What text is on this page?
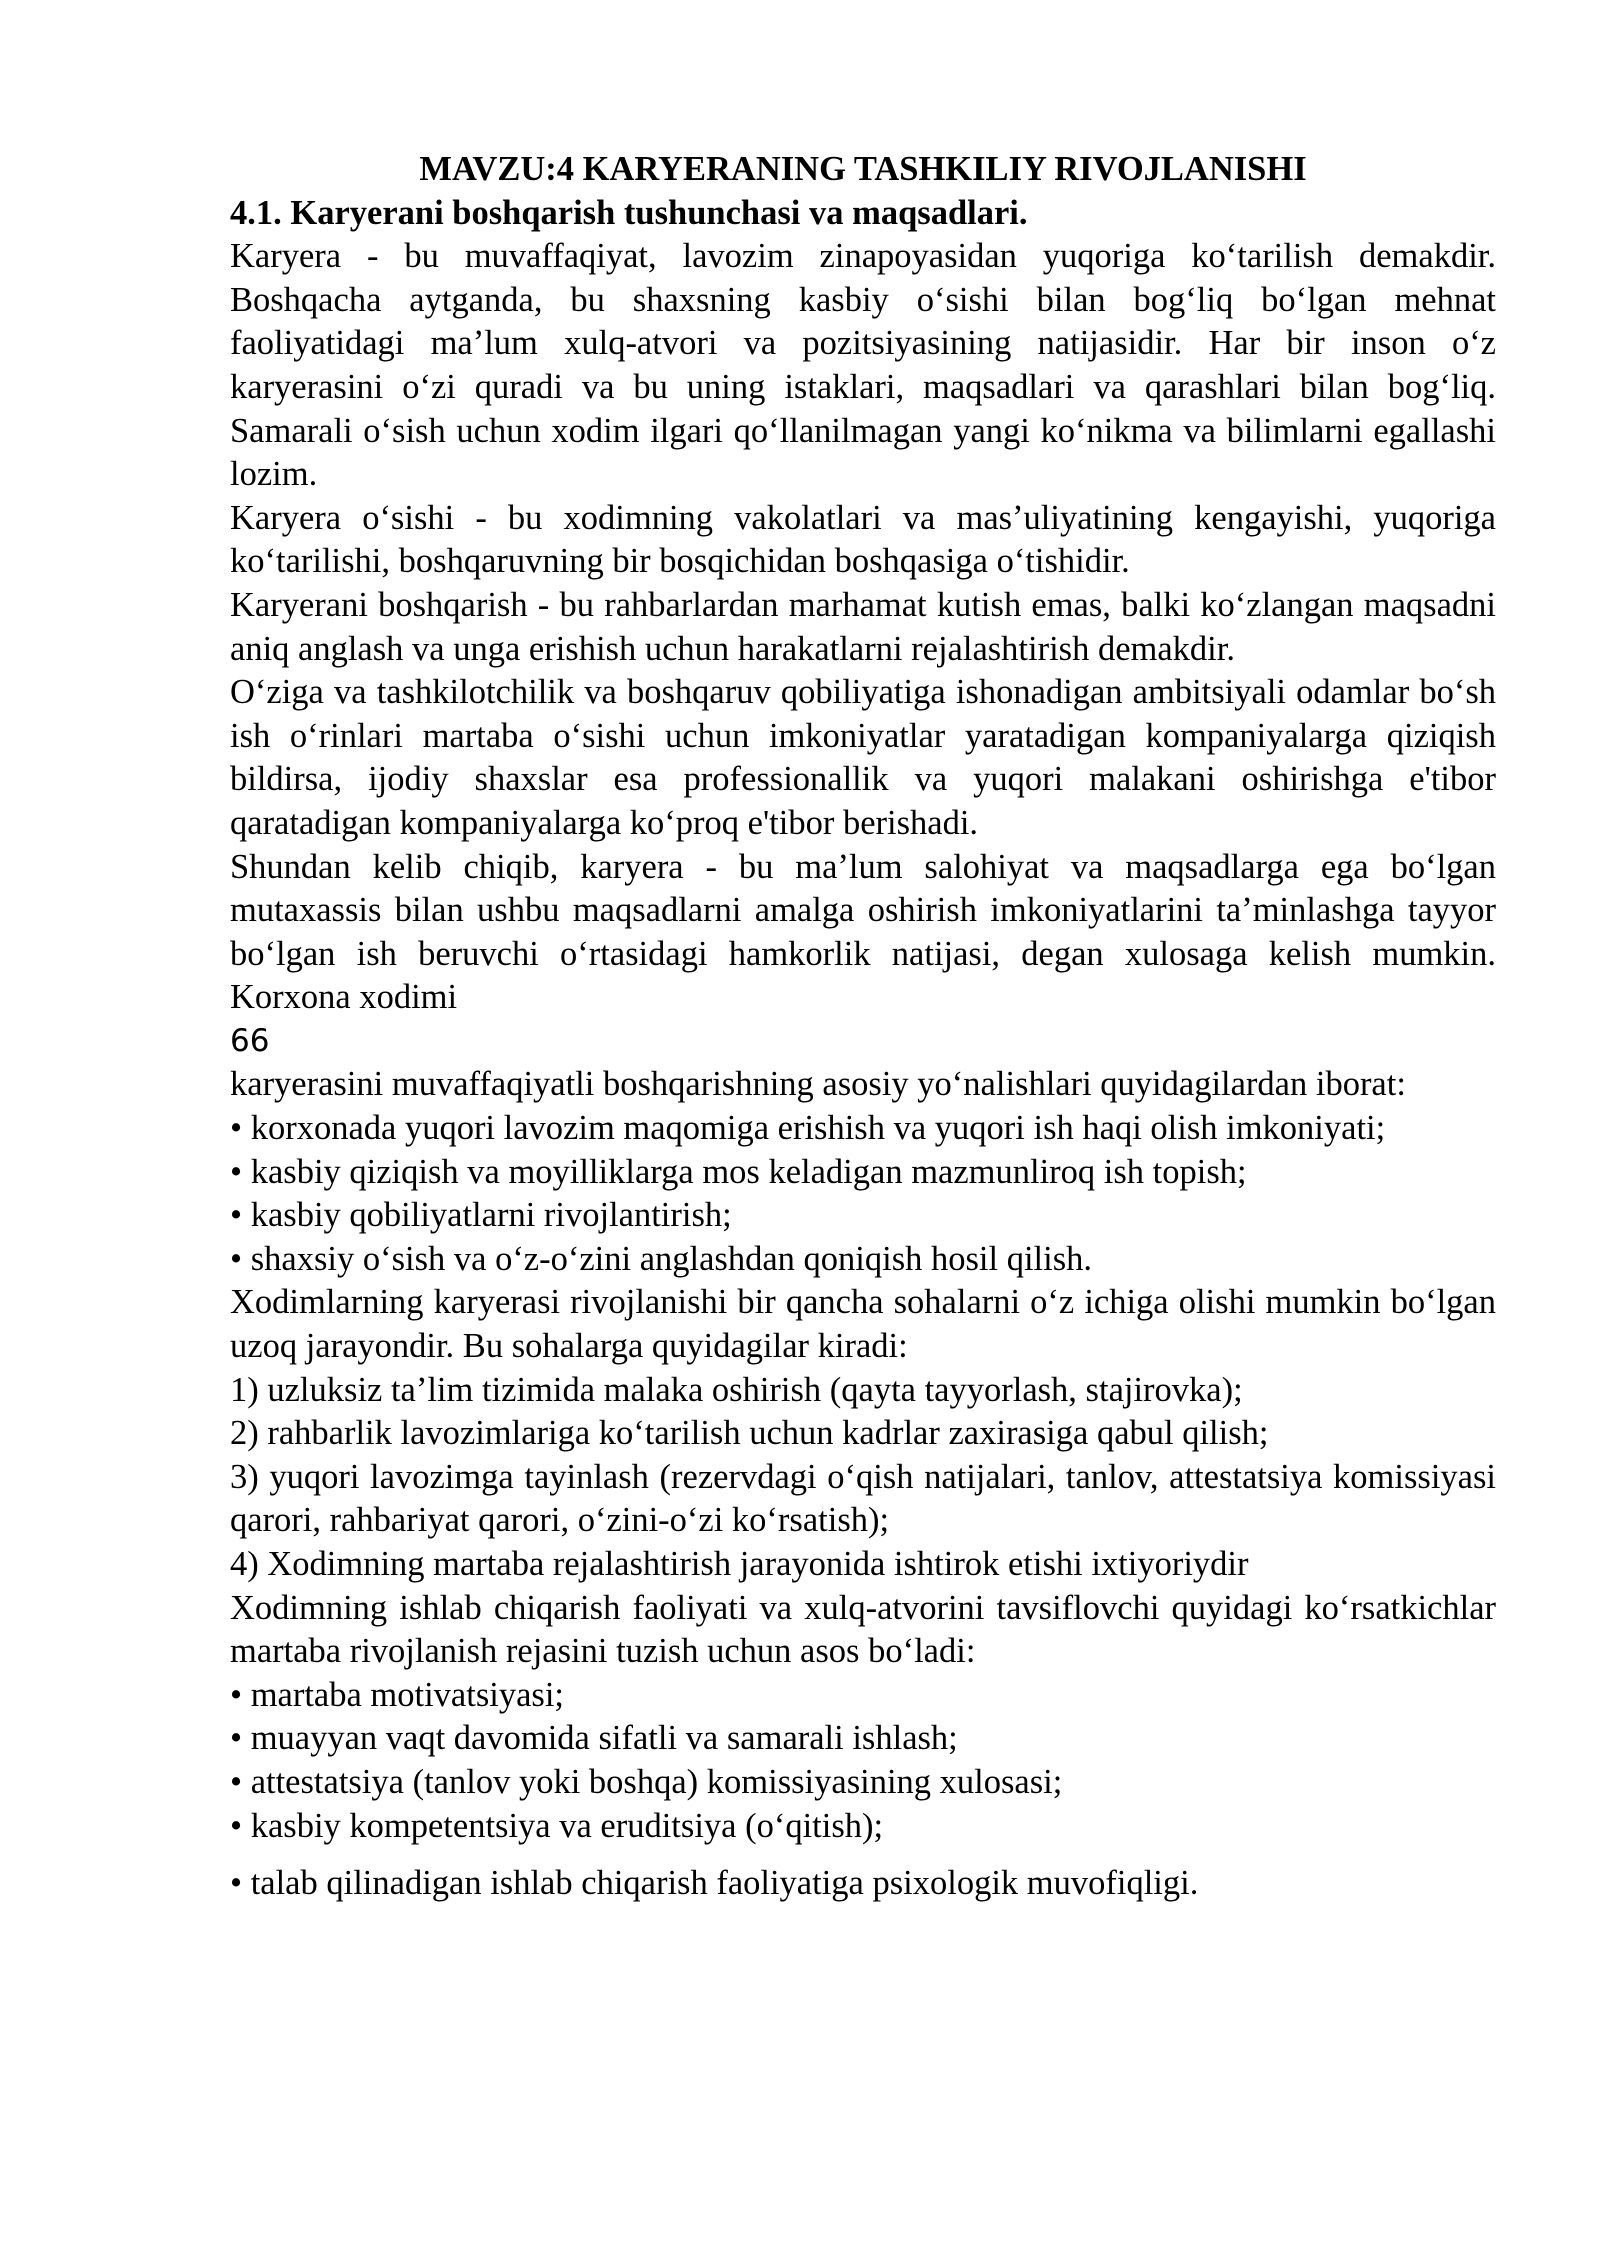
MAVZU:4 KARYERANING TASHKILIY RIVOJLANISHI

4.1. Karyerani boshqarish tushunchasi va maqsadlari.

Karyera - bu muvaffaqiyat, lavozim zinapoyasidan yuqoriga koʻtarilish demakdir. Boshqacha aytganda, bu shaxsning kasbiy oʻsishi bilan bogʻliq boʻlgan mehnat faoliyatidagi maʼlum xulq-atvori va pozitsiyasining natijasidir. Har bir inson oʻz karyerasini oʻzi quradi va bu uning istaklari, maqsadlari va qarashlari bilan bogʻliq. Samarali oʻsish uchun xodim ilgari qoʻllanilmagan yangi koʻnikma va bilimlarni egallashi lozim.

Karyera oʻsishi - bu xodimning vakolatlari va masʼuliyatining kengayishi, yuqoriga koʻtarilishi, boshqaruvning bir bosqichidan boshqasiga oʻtishidir.

Karyerani boshqarish - bu rahbarlardan marhamat kutish emas, balki koʻzlangan maqsadni aniq anglash va unga erishish uchun harakatlarni rejalashtirish demakdir.

Oʻziga va tashkilotchilik va boshqaruv qobiliyatiga ishonadigan ambitsiyali odamlar boʻsh ish oʻrinlari martaba oʻsishi uchun imkoniyatlar yaratadigan kompaniyalarga qiziqish bildirsa, ijodiy shaxslar esa professionallik va yuqori malakani oshirishga e'tibor qaratadigan kompaniyalarga koʻproq e'tibor berishadi.

Shundan kelib chiqib, karyera - bu maʼlum salohiyat va maqsadlarga ega boʻlgan mutaxassis bilan ushbu maqsadlarni amalga oshirish imkoniyatlarini taʼminlashga tayyor boʻlgan ish beruvchi oʻrtasidagi hamkorlik natijasi, degan xulosaga kelish mumkin. Korxona xodimi

66

karyerasini muvaffaqiyatli boshqarishning asosiy yoʻnalishlari quyidagilardan iborat:

• korxonada yuqori lavozim maqomiga erishish va yuqori ish haqi olish imkoniyati;

• kasbiy qiziqish va moyilliklarga mos keladigan mazmunliroq ish topish;

• kasbiy qobiliyatlarni rivojlantirish;

• shaxsiy oʻsish va oʻz-oʻzini anglashdan qoniqish hosil qilish.

Xodimlarning karyerasi rivojlanishi bir qancha sohalarni oʻz ichiga olishi mumkin boʻlgan uzoq jarayondir. Bu sohalarga quyidagilar kiradi:

1) uzluksiz taʼlim tizimida malaka oshirish (qayta tayyorlash, stajirovka);

2) rahbarlik lavozimlariga koʻtarilish uchun kadrlar zaxirasiga qabul qilish;

3) yuqori lavozimga tayinlash (rezervdagi oʻqish natijalari, tanlov, attestatsiya komissiyasi qarori, rahbariyat qarori, oʻzini-oʻzi koʻrsatish);

4) Xodimning martaba rejalashtirish jarayonida ishtirok etishi ixtiyoriydir

Xodimning ishlab chiqarish faoliyati va xulq-atvorini tavsiflovchi quyidagi koʻrsatkichlar martaba rivojlanish rejasini tuzish uchun asos boʻladi:

• martaba motivatsiyasi;

• muayyan vaqt davomida sifatli va samarali ishlash;

• attestatsiya (tanlov yoki boshqa) komissiyasining xulosasi;

• kasbiy kompetentsiya va eruditsiya (oʻqitish);

• talab qilinadigan ishlab chiqarish faoliyatiga psixologik muvofiqligi.
